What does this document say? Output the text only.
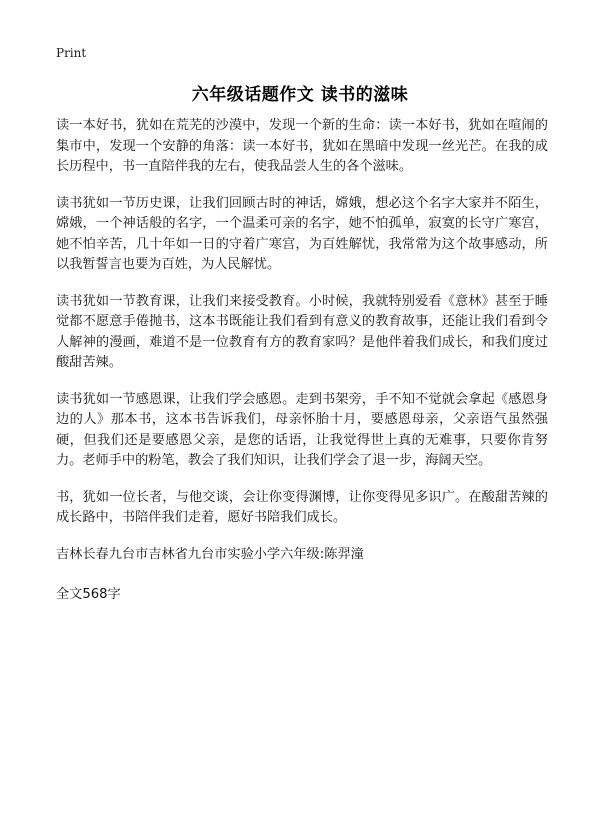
Print
六年级话题作文 读书的滋味

读一本好书，犹如在荒芜的沙漠中，发现一个新的生命：读一本好书，犹如在喧闹的集市中，发现一个安静的角落：读一本好书，犹如在黑暗中发现一丝光芒。在我的成长历程中，书一直陪伴我的左右，使我品尝人生的各个滋味。

读书犹如一节历史课，让我们回顾古时的神话，嫦娥，想必这个名字大家并不陌生，嫦娥，一个神话般的名字，一个温柔可亲的名字，她不怕孤单，寂寞的长守广寒宫，她不怕辛苦，几十年如一日的守着广寒宫，为百姓解忧，我常常为这个故事感动，所以我暂誓言也要为百姓，为人民解忧。

读书犹如一节教育课，让我们来接受教育。小时候，我就特别爱看《意林》甚至于睡觉都不愿意手倦抛书，这本书既能让我们看到有意义的教育故事，还能让我们看到令人解神的漫画，难道不是一位教育有方的教育家吗？是他伴着我们成长，和我们度过酸甜苦辣。

读书犹如一节感恩课，让我们学会感恩。走到书架旁，手不知不觉就会拿起《感恩身边的人》那本书，这本书告诉我们，母亲怀胎十月，要感恩母亲，父亲语气虽然强硬，但我们还是要感恩父亲，是您的话语，让我觉得世上真的无难事，只要你肯努力。老师手中的粉笔，教会了我们知识，让我们学会了退一步，海阔天空。

书，犹如一位长者，与他交谈，会让你变得渊博，让你变得见多识广。在酸甜苦辣的成长路中，书陪伴我们走着，愿好书陪我们成长。

吉林长春九台市吉林省九台市实验小学六年级:陈羿潼

全文568字
